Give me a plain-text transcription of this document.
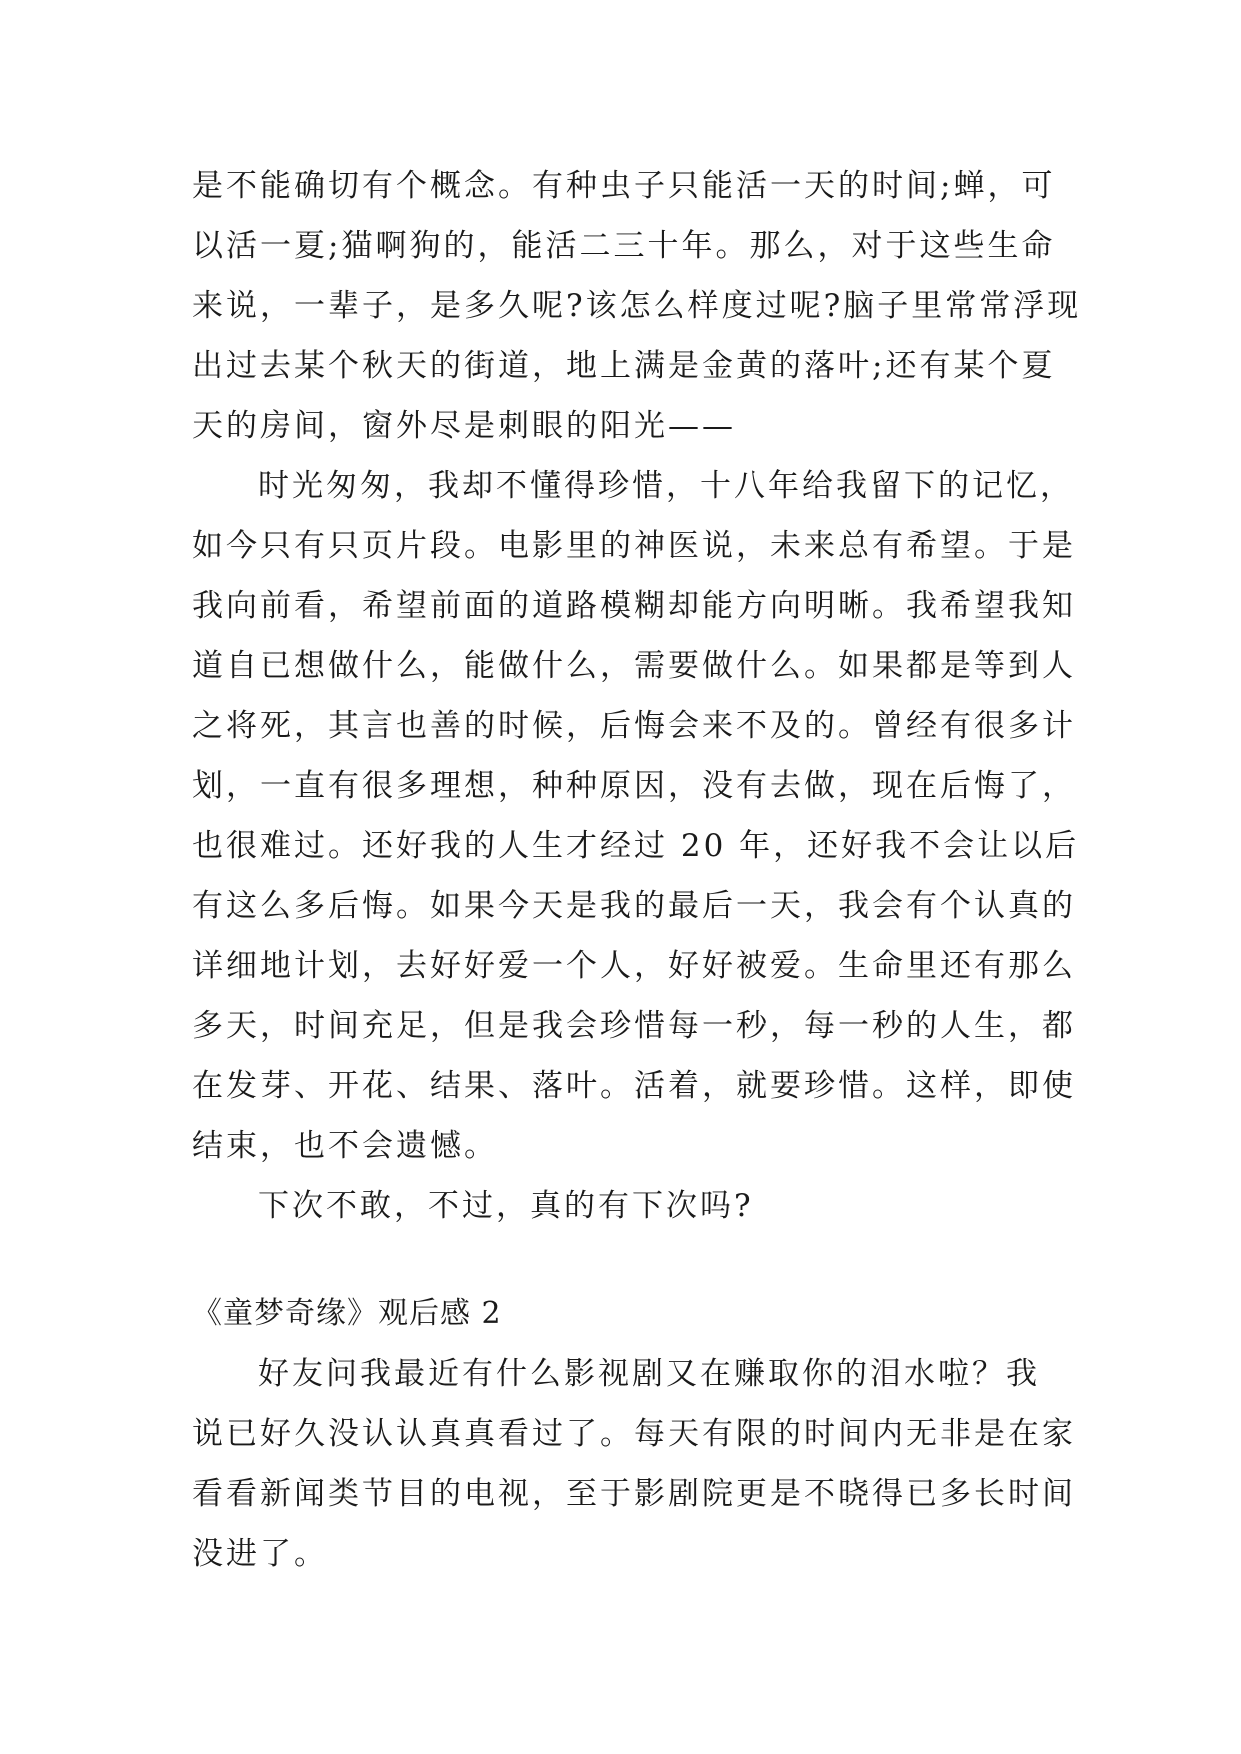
是不能确切有个概念。有种虫子只能活一天的时间;蝉，可
以活一夏;猫啊狗的，能活二三十年。那么，对于这些生命
来说，一辈子，是多久呢?该怎么样度过呢?脑子里常常浮现
出过去某个秋天的街道，地上满是金黄的落叶;还有某个夏
天的房间，窗外尽是刺眼的阳光——
时光匆匆，我却不懂得珍惜，十八年给我留下的记忆，
如今只有只页片段。电影里的神医说，未来总有希望。于是
我向前看，希望前面的道路模糊却能方向明晰。我希望我知
道自已想做什么，能做什么，需要做什么。如果都是等到人
之将死，其言也善的时候，后悔会来不及的。曾经有很多计
划，一直有很多理想，种种原因，没有去做，现在后悔了，
也很难过。还好我的人生才经过 20 年，还好我不会让以后
有这么多后悔。如果今天是我的最后一天，我会有个认真的
详细地计划，去好好爱一个人，好好被爱。生命里还有那么
多天，时间充足，但是我会珍惜每一秒，每一秒的人生，都
在发芽、开花、结果、落叶。活着，就要珍惜。这样，即使
结束，也不会遗憾。
下次不敢，不过，真的有下次吗?
《童梦奇缘》观后感 2
好友问我最近有什么影视剧又在赚取你的泪水啦？我
说已好久没认认真真看过了。每天有限的时间内无非是在家
看看新闻类节目的电视，至于影剧院更是不晓得已多长时间
没进了。
